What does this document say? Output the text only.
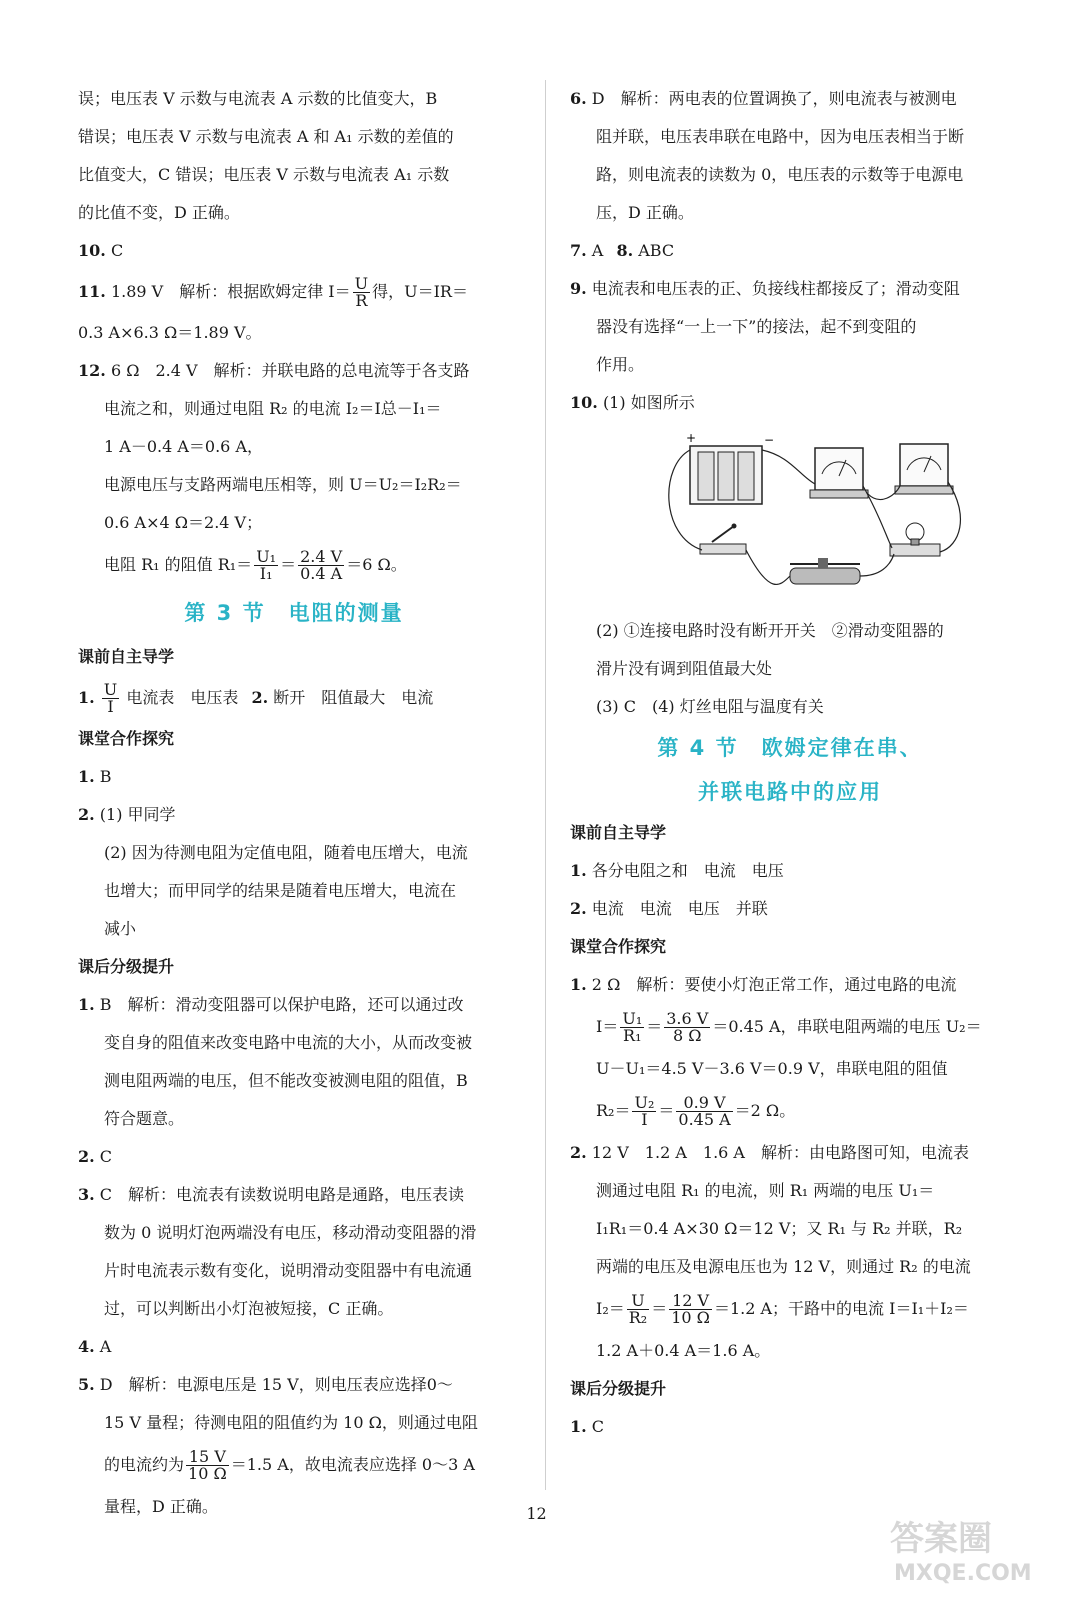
误；电压表 V 示数与电流表 A 示数的比值变大，B
错误；电压表 V 示数与电流表 A 和 A₁ 示数的差值的
比值变大，C 错误；电压表 V 示数与电流表 A₁ 示数
的比值不变，D 正确。
10. C
11. 1.89 V　解析：根据欧姆定律 $I= \frac{U}{R}$ 得，U＝IR＝
0.3 A×6.3 Ω＝1.89 V。
12. 6 Ω　2.4 V　解析：并联电路的总电流等于各支路
电流之和，则通过电阻 R₂ 的电流 I₂＝I总－I₁＝
1 A－0.4 A＝0.6 A，
电源电压与支路两端电压相等，则 U＝U₂＝I₂R₂＝
0.6 A×4 Ω＝2.4 V；
电阻 R₁ 的阻值 $R_1= \frac{\text{U₁}}{\text{I₁}} = \frac{2.4 V}{0.4 A} =6$ Ω。
第 3 节　电阻的测量
课前自主导学
1. $\frac{U}{I}$ 电流表　电压表 2. 断开　阻值最大　电流
课堂合作探究
1. B
2. (1) 甲同学
(2) 因为待测电阻为定值电阻，随着电压增大，电流
也增大；而甲同学的结果是随着电压增大，电流在
减小
课后分级提升
1. B　解析：滑动变阻器可以保护电路，还可以通过改
变自身的阻值来改变电路中电流的大小，从而改变被
测电阻两端的电压，但不能改变被测电阻的阻值，B
符合题意。
2. C
3. C　解析：电流表有读数说明电路是通路，电压表读
数为 0 说明灯泡两端没有电压，移动滑动变阻器的滑
片时电流表示数有变化，说明滑动变阻器中有电流通
过，可以判断出小灯泡被短接，C 正确。
4. A
5. D　解析：电源电压是 15 V，则电压表应选择0～
15 V 量程；待测电阻的阻值约为 10 Ω，则通过电阻
的电流约为 $\frac{15 V}{10 \Omega} =1.5$ A，故电流表应选择 0～3 A
量程，D 正确。
6. D　解析：两电表的位置调换了，则电流表与被测电
阻并联，电压表串联在电路中，因为电压表相当于断
路，则电流表的读数为 0，电压表的示数等于电源电
压，D 正确。
7. A 8. ABC
9. 电流表和电压表的正、负接线柱都接反了；滑动变阻
器没有选择“一上一下”的接法，起不到变阻的
作用。
10. (1) 如图所示
+	−
(2) ①连接电路时没有断开开关　②滑动变阻器的
滑片没有调到阻值最大处
(3) C　(4) 灯丝电阻与温度有关
第 4 节　欧姆定律在串、
并联电路中的应用
课前自主导学
1. 各分电阻之和　电流　电压
2. 电流　电流　电压　并联
课堂合作探究
1. 2 Ω　解析：要使小灯泡正常工作，通过电路的电流
$I= \frac{\text{U₁}}{\text{R₁}} = \frac{3.6 V}{8 \Omega} =0.45$ A，串联电阻两端的电压 U₂＝
U－U₁＝4.5 V－3.6 V＝0.9 V，串联电阻的阻值
$R_2= \frac{\text{U₂}}{I} = \frac{0.9 V}{0.45 A} =2$ Ω。
2. 12 V　1.2 A　1.6 A　解析：由电路图可知，电流表
测通过电阻 R₁ 的电流，则 R₁ 两端的电压 U₁＝
I₁R₁＝0.4 A×30 Ω＝12 V；又 R₁ 与 R₂ 并联，R₂
两端的电压及电源电压也为 12 V，则通过 R₂ 的电流
$I_2= \frac{U}{\text{R₂}} = \frac{12 V}{10 \Omega} =1.2$ A；干路中的电流 I＝I₁＋I₂＝
1.2 A＋0.4 A＝1.6 A。
课后分级提升
1. C
12
答案圈
MXQE.COM
